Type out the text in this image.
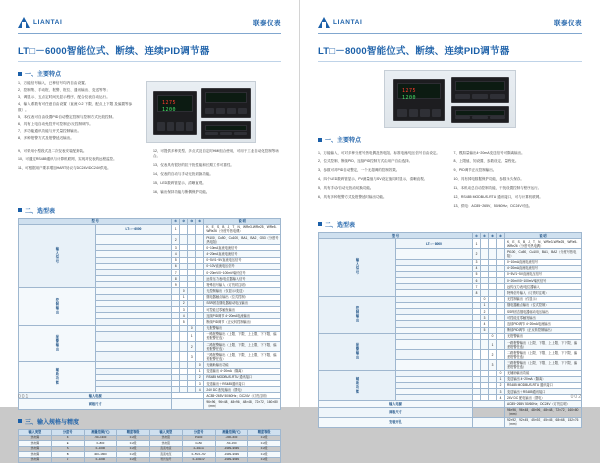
LIANTAI	联泰仪表
LT□－6000智能位式、断续、连续PID调节器
一、主要特点

1、万能信号输入，已种信号均内自由设置。

2、控制集、手动报、报警、报位、通讯输出、变送等等；

3、调显示、五点定时间光显示程序，配合仪表自动运行。

4、输入系数有可任意自由设置（直流 0.2 下限、配点上下限 及偏置等参数）。

5、本仪表可自由设置PID自动整定控制与控制方式比较控制。

6、具有上电自动免控并可控制正/反控制调节。

7、多功能通讯功能与开关量控制输出。

8、多种报警方式及报警延迟输出。

1275
1200

9、可采用小型段式及二次仪表安装配套装。

10、可通过RS485通讯与计算机联网，实现对仪表的远程监控。

11、可根据用户要求增加HART协议与DC24V/DC24V供电。

12、可提供多种类型、多点式及自定时HMI组合使用，可用于工业自动化控制等场合。

13、仪表具有很好的抗干扰性能和长期工作可靠性。

14、仪表的自动与手动无扰切换功能。

15、LED数码管显示，清晰直观。

16、输出保持功能与断偶保护功能。

二、选型表
型 号		①	②	③	④	说 明
输入信号	LT□－6000	1				K、E、S、B、J、T、N、WRe3-WRe25、WRe5-WRe26（分度号热电偶）
		2				Pt100、Cu50、Cu100、BA1、BA2、G53（分度号热电阻）
		3				0~10mA直流电流信号
		4				4~20mA直流电流信号
		5				0~5V/1~5V直流电压信号
		6				0~10V直流电压信号
		7				0~20mV/0~100mV毫伏信号
		8				远传压力表/电位器输入信号
		9				特殊信号输入（订货时注明）
控制输出			0			无控制输出（仅显示/变送）
			1			继电器触点输出（位式控制）
			2			SSR固态继电器驱动电压输出
			3			可控硅过零触发输出
			4			连续PID调节 4~20mA电流输出
			5			断续PID调节（正反转控制输出）
报警输出				0		无报警输出
				1		一路报警输出（上限、下限、上上限、下下限、偏差报警任选）
				2		二路报警输出（上限、下限、上上限、下下限、偏差报警任选）
				3		三路报警输出（上限、下限、上上限、下下限、偏差报警任选）
辅助功能					0	无辅助输出功能
					1	变送输出 4~20mA（隔离）
					2	RS485 MODBUS-RTU 通讯接口
					3	变送输出＋RS485通讯接口
					4	24V DC 配电输出（馈电）
输入电源						AC85~265V 50/60Hz；DC24V（订货注明）
面板尺寸						96×96、96×48、48×96、48×48、72×72、160×80（mm）
三、输入规格与精度
输入类型	分度号	测量范围(℃)	精度等级	输入类型	分度号	测量范围(℃)	精度等级
热电偶	K	-50~1300	0.2级	热电阻	Pt100	-200~600	0.2级
热电偶	E	0~800	0.2级	热电阻	Cu50	-50~150	0.2级
热电偶	S	0~1600	0.2级	直流电流	4~20mA	-1999~9999	0.2级
热电偶	B	400~1800	0.2级	直流电压	0~5V/1~5V	-1999~9999	0.2级
热电偶	J	0~1000	0.2级	毫伏信号	0~100mV	-1999~9999	0.2级
001
LIANTAI	联泰仪表
LT□－8000智能位式、断续、连续PID调节器
1275
1200
一、主要特点

1、万能输入，可对多种分度号热电偶及热电阻、标准电流/电压信号自由设定。

2、位式控制、断续PID、连续PID控制方式由用户自由选择。

3、参数可对PID自动整定，一个无超调的控制效果。

4、四个LED数码管显示，PV测量值与SV设定值同时显示，清晰直观。

5、具有手动/自动无扰动切换功能。

6、具有多种报警方式及报警延时输出功能。

7、模拟量输出4~20mA变送信号可隔离输出。

8、上限值、知设置、参数设定、量程化。

9、PID调节正反控制输出。

10、具有掉电数据保护功能，参数永久保存。

11、本机动总自动控制功能，干扰设置控制与程序运行。

12、RS485 MODBUS-RTU 通讯接口，可与计算机联网。

13、供电：AC85~265V，50/60Hz；DC24V可选。

二、选型表
型 号		①	②	③	④	说 明
输入信号	LT□－8000	1				K、E、S、B、J、T、N、WRe3-WRe25、WRe5-WRe26（分度号热电偶）
		2				Pt100、Cu50、Cu100、BA1、BA2（分度号热电阻）
		3				0~10mA直流电流信号
		4				4~20mA直流电流信号
		5				0~5V/1~5V直流电压信号
		6				0~20mV/0~100mV毫伏信号
		7				远传压力表/电位器输入
		8				特殊信号输入（订货时注明）
控制输出			0			无控制输出（仅显示）
			1			继电器触点输出（位式控制）
			2			SSR固态继电器驱动电压输出
			3			可控硅过零触发输出
			4			连续PID调节 4~20mA电流输出
			5			断续PID调节（正反转控制输出）
报警输出				0		无报警输出
				1		一路报警输出（上限、下限、上上限、下下限、偏差报警任选）
				2		二路报警输出（上限、下限、上上限、下下限、偏差报警任选）
				3		三路报警输出（上限、下限、上上限、下下限、偏差报警任选）
辅助功能					0	无辅助输出功能
					1	变送输出 4~20mA（隔离）
					2	RS485 MODBUS-RTU 通讯接口
					3	变送输出＋RS485通讯接口
					4	24V DC 配电输出（馈电）
输入电源						AC85~265V 50/60Hz；DC24V（订货注明）
面板尺寸						96×96、96×48、48×96、48×48、72×72、160×80（mm）
安装开孔						92×92、92×45、45×92、45×45、68×68、152×76（mm）
002
